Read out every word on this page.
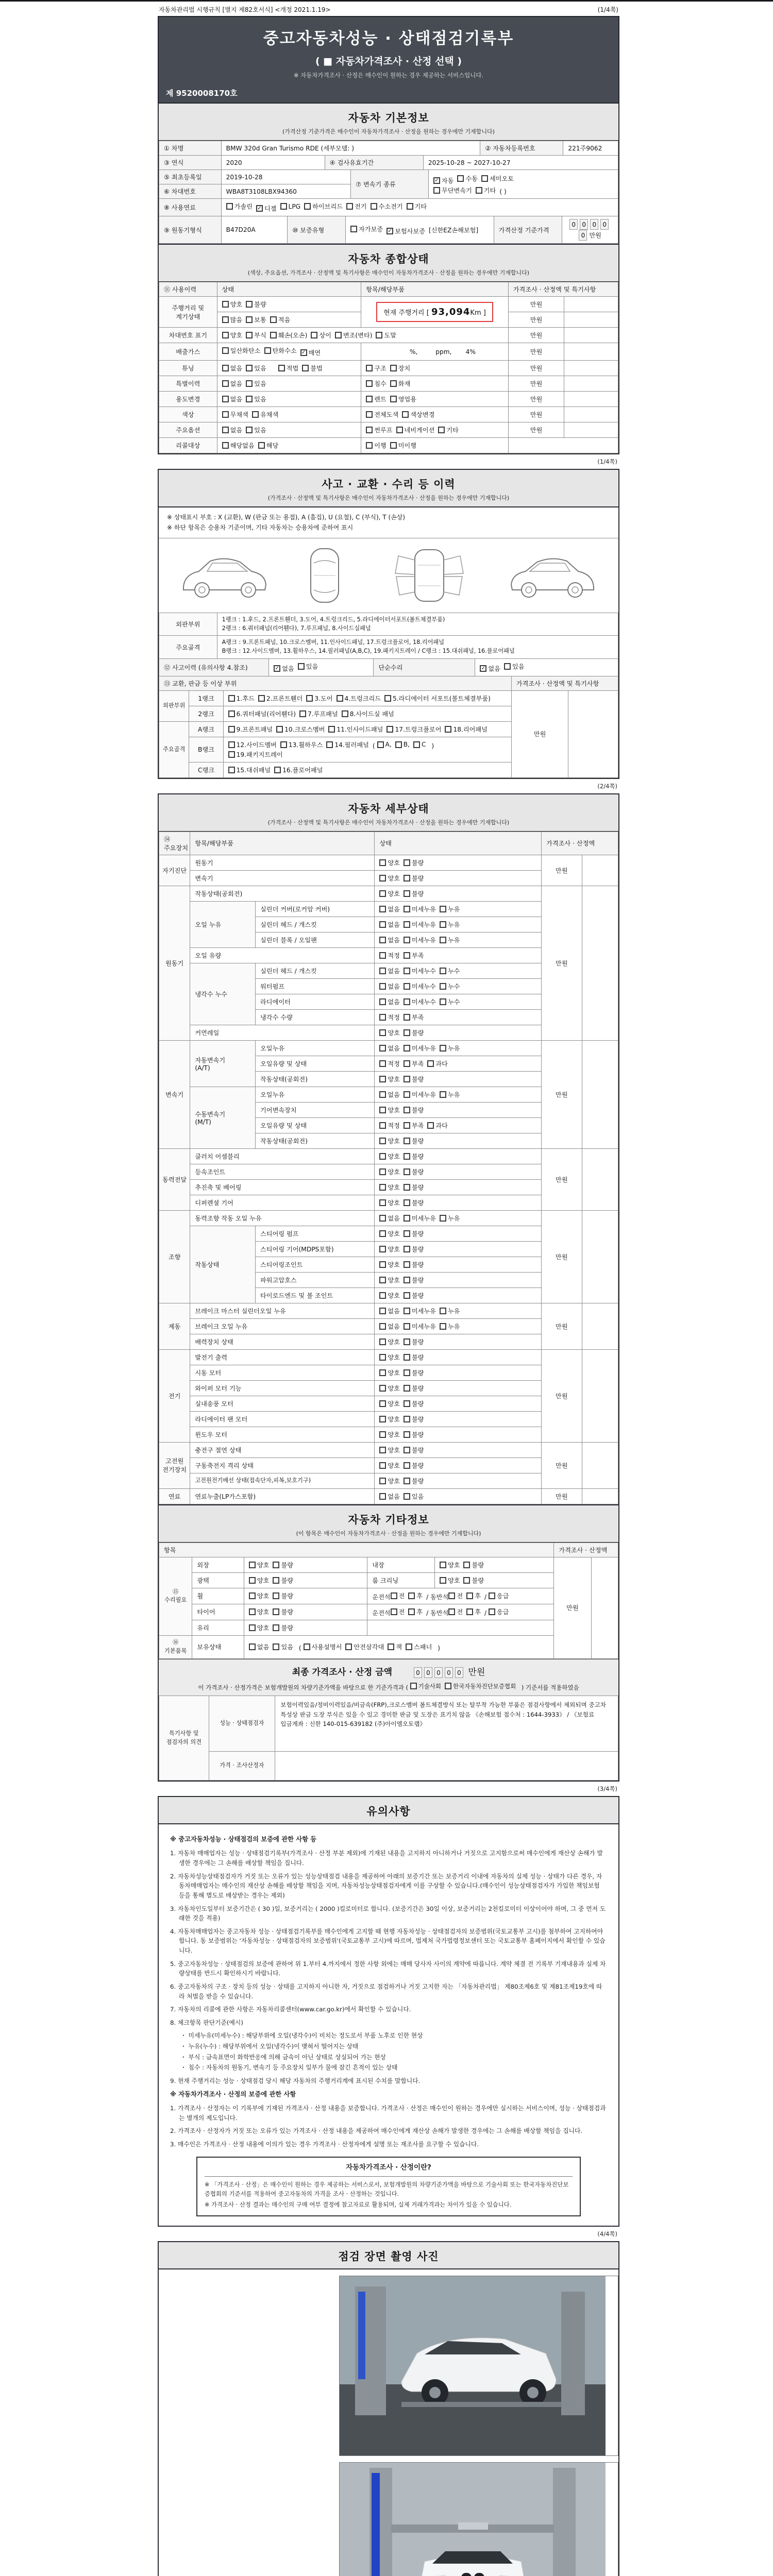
자동차관리법 시행규칙 [별지 제82호서식] <개정 2021.1.19>	(1/4쪽)
중고자동차성능 · 상태점검기록부
( ■ 자동차가격조사 · 산정 선택 )
※ 자동차가격조사 · 산정은 매수인이 원하는 경우 제공하는 서비스입니다.
제 9520008170호
자동차 기본정보
(가격산정 기준가격은 매수인이 자동차가격조사 · 산정을 원하는 경우에만 기재합니다)
① 차명	BMW 320d Gran Turismo RDE (세부모델: )	② 자동차등록번호	221주9062
③ 연식	2020	④ 검사유효기간	2025-10-28 ~ 2027-10-27
⑤ 최초등록일	2019-10-28	⑦ 변속기 종류	
✓ 자동 수동 세미오토

무단변속기 기타 ( )
⑥ 차대번호	WBA8T3108LBX94360		
⑧ 사용연료	가솔린 ✓ 디젤 LPG 하이브리드 전기 수소전기 기타
⑨ 원동기형식	B47D20A	⑩ 보증유형	자가보증 ✓ 보험사보증 [신한EZ손해보험]	가격산정 기준가격	0 0 0 00 만원
자동차 종합상태
(색상, 주요옵션, 가격조사 · 산정액 및 특기사항은 매수인이 자동차가격조사 · 산정을 원하는 경우에만 기재합니다)
⑪ 사용이력	상태	항목/해당부품	가격조사 · 산정액 및 특기사항	
주행거리 및 계기상태	양호 불량	현재 주행거리 [ 93,094Km ]	만원	

많음 보통 적음		만원	
차대번호 표기	양호 부식 훼손(오손) 상이 변조(변타) 도말	만원	
배출가스	일산화탄소 탄화수소 ✓ 매연	%,         ppm,       4%	만원	
튜닝	없음 있음 적법 불법	구조 장치	만원	
특별이력	없음 있음	침수 화재	만원	
용도변경	없음 있음	렌트 영업용	만원	
색상	무채색 유채색	전체도색 색상변경	만원	
주요옵션	없음 있음	썬루프 네비게이션 기타	만원	
리콜대상	해당없음 해당	이행 미이행		
(1/4쪽)
사고 · 교환 · 수리 등 이력
(가격조사 · 산정액 및 특기사항은 매수인이 자동차가격조사 · 산정을 원하는 경우에만 기재합니다)
※ 상태표시 부호 : X (교환), W (판금 또는 용접), A (흠집), U (요철), C (부식), T (손상)
※ 하단 항목은 승용차 기준이며, 기타 자동차는 승용차에 준하여 표시
외판부위	1랭크 : 1.후드, 2.프론트휀더, 3.도어, 4.트렁크리드, 5.라디에이터서포트(볼트체결부품)
2랭크 : 6.쿼터패널(리어휀다), 7.루프패널, 8.사이드실패널
주요골격	A랭크 : 9.프론트패널, 10.크로스멤버, 11.인사이드패널, 17.트렁크플로어, 18.리어패널
B랭크 : 12.사이드멤버, 13.휠하우스, 14.필러패널(A,B,C), 19.패키지트레이 / C랭크 : 15.대쉬패널, 16.플로어패널
⑫ 사고이력 (유의사항 4.참조)	✓ 없음 있음	단순수리	✓ 없음 있음
⑬ 교환, 판금 등 이상 부위			가격조사 · 산정액 및 특기사항	
외판부위	1랭크	1.후드 2.프론트휀더 3.도어 4.트렁크리드 5.라디에이터 서포트(볼트체결부품)	만원	
	2랭크	6.쿼터패널(리어휀다) 7.루프패널 8.사이드실 패널		
주요골격	A랭크	9.프론트패널 10.크로스멤버 11.인사이드패널 17.트렁크플로어 18.리어패널		
B랭크	
12.사이드멤버 13.휠하우스 14.필러패널 (
A, B, C )

19.패키지트레이
	C랭크	15.대쉬패널 16.플로어패널		
(2/4쪽)
자동차 세부상태
(가격조사 · 산정액 및 특기사항은 매수인이 자동차가격조사 · 산정을 원하는 경우에만 기재합니다)
⑭ 주요장치	항목/해당부품		상태	가격조사 · 산정액	
자기진단	원동기		양호 불량	만원	
	변속기		양호 불량		
원동기	작동상태(공회전)		양호 불량	만원	
	오일 누유	실린더 커버(로커암 커버)	없음 미세누유 누유		
		실린더 헤드 / 개스킷	없음 미세누유 누유		
		실린더 블록 / 오일팬	없음 미세누유 누유		
	오일 유량		적정 부족		
	냉각수 누수	실린더 헤드 / 개스킷	없음 미세누수 누수		
		워터펌프	없음 미세누수 누수		
		라디에이터	없음 미세누수 누수		
		냉각수 수량	적정 부족		
	커먼레일		양호 불량		
변속기	자동변속기
(A/T)	오일누유	없음 미세누유 누유	만원	
		오일유량 및 상태	적정 부족 과다		
		작동상태(공회전)	양호 불량		
	수동변속기
(M/T)	오일누유	없음 미세누유 누유		
		기어변속장치	양호 불량		
		오일유량 및 상태	적정 부족 과다		
		작동상태(공회전)	양호 불량		
동력전달	클러치 어셈블리		양호 불량	만원	
	등속조인트		양호 불량		
	추진축 및 베어링		양호 불량		
	디퍼렌셜 기어		양호 불량		
조향	동력조향 작동 오일 누유		없음 미세누유 누유	만원	
	작동상태	스티어링 펌프	양호 불량		
		스티어링 기어(MDPS포함)	양호 불량		
		스티어링조인트	양호 불량		
		파워고압호스	양호 불량		
		타이로드엔드 및 볼 조인트	양호 불량		
제동	브레이크 마스터 실린더오일 누유		없음 미세누유 누유	만원	
	브레이크 오일 누유		없음 미세누유 누유		
	배력장치 상태		양호 불량		
전기	발전기 출력		양호 불량	만원	
	시동 모터		양호 불량		
	와이퍼 모터 기능		양호 불량		
	실내송풍 모터		양호 불량		
	라디에이터 팬 모터		양호 불량		
	윈도우 모터		양호 불량		
고전원
전기장치	충전구 절연 상태		양호 불량	만원	
	구동축전지 격리 상태		양호 불량		
	고전원전기배선 상태(접속단자,피복,보호기구)		양호 불량		
연료	연료누출(LP가스포함)		없음 있음	만원	
자동차 기타정보
(이 항목은 매수인이 자동차가격조사 · 산정을 원하는 경우에만 기재합니다)
항목					가격조사 · 산정액	
⑮ 수리필요	외장	양호 불량	내장	양호 불량	만원	
	광택	양호 불량	룸 크리닝	양호 불량		
휠	양호 불량	운전석 전 후 / 동반석 전 후 /
응급
타이어	양호 불량	운전석 전 후 / 동반석 전 후 /
응급
	유리	양호 불량				
⑯ 기본품목	보유상태	없음 있음 (
사용설명서 안전삼각대 잭 스패너 )
최종 가격조사 · 산정 금액	0 0 0 0 0 만원
이 가격조사 · 산정가격은 보험개발원의 차량기준가액을 바탕으로 한 기준가격과 (
기술사회 한국자동차진단보증협회 ) 기준서를 적용하였음
특기사항 및 점검자의 의견	성능 · 상태점검자	보험이력있음/정비이력있음/비금속(FRP),크로스멤버 볼트체결방식 또는 탈부착 가능한 부품은 점검사항에서 제외되며 중고차 특성상 판금 도장 부식은 있을 수 있고 경미한 판금 및 도장은 표기치 않음 《손해보험 접수처 : 1644-3933》 / 《보험료 입금계좌 : 신한 140-015-639182 (주)아이엠오토랩》
	가격 · 조사산정자	
(3/4쪽)
유의사항
※ 중고자동차성능 · 상태점검의 보증에 관한 사항 등
1. 자동차 매매업자는 성능 · 상태점검기록부(가격조사 · 산정 부분 제외)에 기재된 내용을 고지하지 아니하거나 거짓으로 고지함으로써 매수인에게 재산상 손해가 발생한 경우에는 그 손해를 배상할 책임을 집니다.
2. 자동차성능상태점검자가 거짓 또는 오류가 있는 성능상태점검 내용을 제공하여 아래의 보증기간 또는 보증거리 이내에 자동차의 실제 성능 · 상태가 다른 경우, 자동차매매업자는 매수인의 재산상 손해를 배상할 책임을 지며, 자동차성능상태점검자에게 이를 구상할 수 있습니다.(매수인이 성능상태점검자가 가입한 책임보험 등을 통해 별도로 배상받는 경우는 제외)
3. 자동차인도일부터 보증기간은 ( 30 )일, 보증거리는 ( 2000 )킬로미터로 합니다. (보증기간은 30일 이상, 보증거리는 2천킬로미터 이상이어야 하며, 그 중 먼저 도래한 것을 적용)
4. 자동차매매업자는 중고자동차 성능 · 상태점검기록부를 매수인에게 고지할 때 현행 자동차성능 · 상태점검자의 보증범위(국토교통부 고시)를 첨부하여 고지하여야 합니다. 동 보증범위는 '자동차성능 · 상태점검자의 보증범위'(국토교통부 고시)에 따르며, 법제처 국가법령정보센터 또는 국토교통부 홈페이지에서 확인할 수 있습니다.
5. 중고자동차성능 · 상태점검의 보증에 관하여 위 1.부터 4.까지에서 정한 사항 외에는 매매 당사자 사이의 계약에 따릅니다. 계약 체결 전 기록부 기재내용과 실제 차량상태를 반드시 확인하시기 바랍니다.
6. 중고자동차의 구조 · 장치 등의 성능 · 상태를 고지하지 아니한 자, 거짓으로 점검하거나 거짓 고지한 자는 「자동차관리법」 제80조제6호 및 제81조제19호에 따라 처벌을 받을 수 있습니다.
7. 자동차의 리콜에 관한 사항은 자동차리콜센터(www.car.go.kr)에서 확인할 수 있습니다.
8. 체크항목 판단기준(예시)
・ 미세누유(미세누수) : 해당부위에 오일(냉각수)이 비치는 정도로서 부품 노후로 인한 현상
・ 누유(누수) : 해당부위에서 오일(냉각수)이 맺혀서 떨어지는 상태
・ 부식 : 금속표면이 화학반응에 의해 금속이 아닌 상태로 상실되어 가는 현상
・ 침수 : 자동차의 원동기, 변속기 등 주요장치 일부가 물에 잠긴 흔적이 있는 상태
9. 현재 주행거리는 성능 · 상태점검 당시 해당 자동차의 주행거리계에 표시된 수치를 말합니다.
※ 자동차가격조사 · 산정의 보증에 관한 사항
1. 가격조사 · 산정자는 이 기록부에 기재된 가격조사 · 산정 내용을 보증합니다. 가격조사 · 산정은 매수인이 원하는 경우에만 실시하는 서비스이며, 성능 · 상태점검과는 별개의 제도입니다.
2. 가격조사 · 산정자가 거짓 또는 오류가 있는 가격조사 · 산정 내용을 제공하여 매수인에게 재산상 손해가 발생한 경우에는 그 손해를 배상할 책임을 집니다.
3. 매수인은 가격조사 · 산정 내용에 이의가 있는 경우 가격조사 · 산정자에게 설명 또는 재조사를 요구할 수 있습니다.
자동차가격조사 · 산정이란?
※ 「가격조사 · 산정」은 매수인이 원하는 경우 제공하는 서비스로서, 보험개발원의 차량기준가액을 바탕으로 기술사회 또는 한국자동차진단보증협회의 기준서를 적용하여 중고자동차의 가격을 조사 · 산정하는 것입니다.
※ 가격조사 · 산정 결과는 매수인의 구매 여부 결정에 참고자료로 활용되며, 실제 거래가격과는 차이가 있을 수 있습니다.
(4/4쪽)
점검 장면 촬영 사진
